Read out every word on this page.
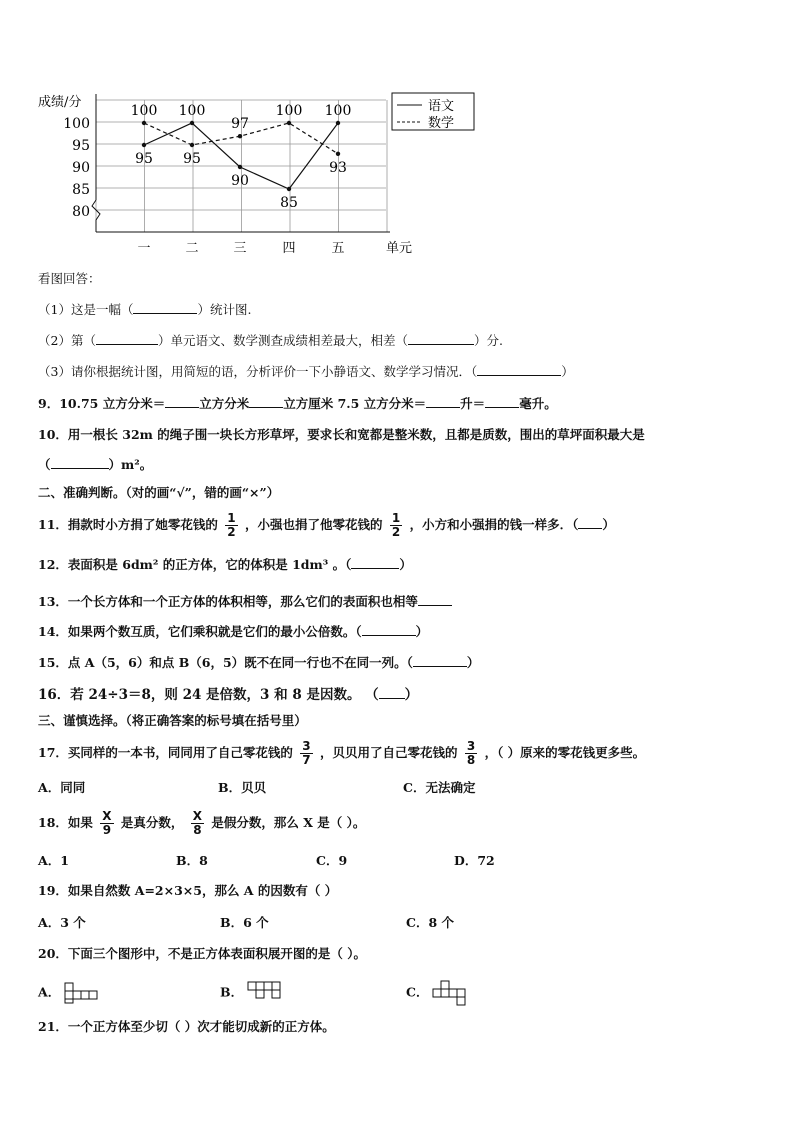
成绩/分
80
85
90
95
100
一	二	三	四	五	单元
95
100
90
85
100
100
95
97
100
93
语文
数学
看图回答：
（1）这是一幅（	）统计图.
（2）第（	）单元语文、数学测查成绩相差最大，相差（	）分.
（3）请你根据统计图，用简短的语，分析评价一下小静语文、数学学习情况．（	）
9．10.75 立方分米＝	立方分米	立方厘米 7.5 立方分米＝	升＝	毫升。
10．用一根长 32m 的绳子围一块长方形草坪，要求长和宽都是整米数，且都是质数，围出的草坪面积最大是
（	）m²。
二、准确判断。（对的画“√”，错的画“×”）
11．捐款时小方捐了她零花钱的 $\frac{1}{2}$ ，小强也捐了他零花钱的 $\frac{1}{2}$ ，小方和小强捐的钱一样多．（ ）
12．表面积是 6dm² 的正方体，它的体积是 1dm³ 。（	）
13．一个长方体和一个正方体的体积相等，那么它们的表面积也相等
14．如果两个数互质，它们乘积就是它们的最小公倍数。（	）
15．点 A（5，6）和点 B（6，5）既不在同一行也不在同一列。（	）
16．若 24÷3＝8，则 24 是倍数，3 和 8 是因数。 （ ）
三、谨慎选择。（将正确答案的标号填在括号里）
17．买同样的一本书，同同用了自己零花钱的 $\frac{3}{7}$ ，贝贝用了自己零花钱的 $\frac{3}{8}$ ，（ ）原来的零花钱更多些。
A．同同	B．贝贝	C．无法确定
18．如果 $\frac{X}{9}$ 是真分数， $\frac{X}{8}$ 是假分数，那么 X 是（ ）。
A．1	B．8	C．9	D．72
19．如果自然数 A=2×3×5，那么 A 的因数有（ ）
A．3 个	B．6 个	C．8 个
20．下面三个图形中，不是正方体表面积展开图的是（ ）。
A．	B．	C．
21．一个正方体至少切（ ）次才能切成新的正方体。
